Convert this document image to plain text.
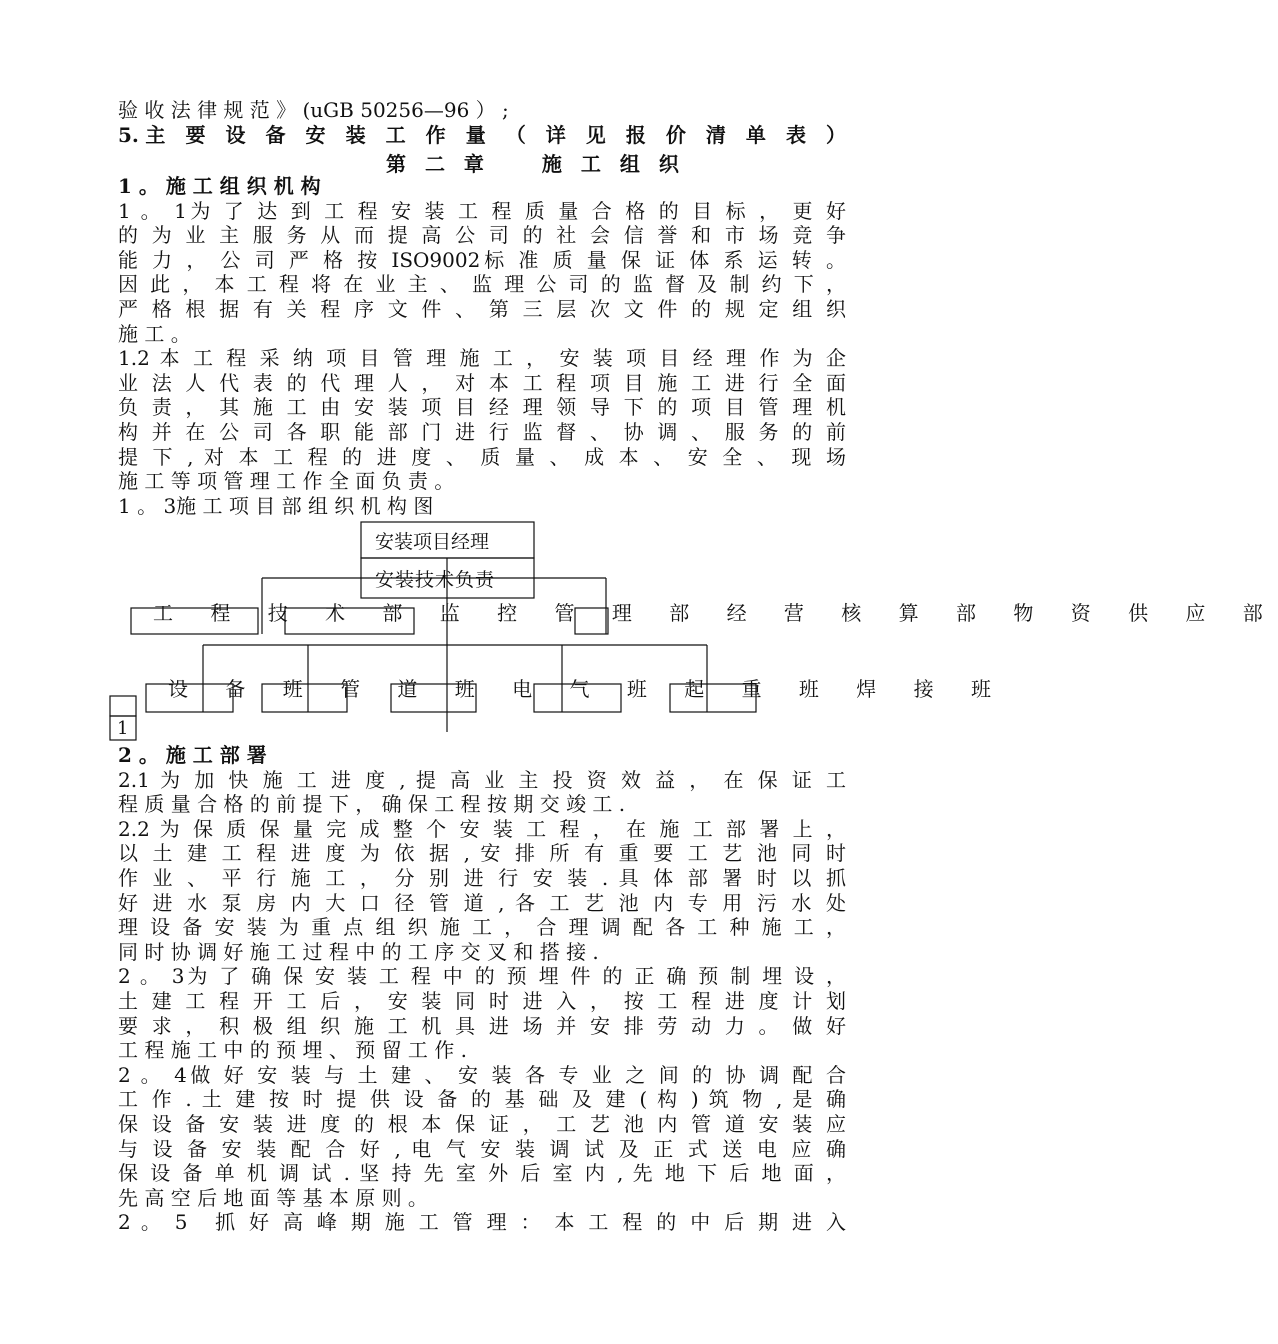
验 收 法 律 规 范 》 (uGB 50256—96 ） ;
5.主 要 设 备 安 装 工 作 量 （ 详 见 报 价 清 单 表 ）
第 二 章　　施 工 组 织
1 。 施 工 组 织 机 构
1 。 1为 了 达 到 工 程 安 装 工 程 质 量 合 格 的 目 标 ， 更 好
的 为 业 主 服 务 从 而 提 高 公 司 的 社 会 信 誉 和 市 场 竞 争
能 力 ， 公 司 严 格 按 ISO9002标 准 质 量 保 证 体 系 运 转 。
因 此 ， 本 工 程 将 在 业 主 、 监 理 公 司 的 监 督 及 制 约 下 ，
严 格 根 据 有 关 程 序 文 件 、 第 三 层 次 文 件 的 规 定 组 织
施 工 。
1.2 本 工 程 采 纳 项 目 管 理 施 工 ， 安 装 项 目 经 理 作 为 企
业 法 人 代 表 的 代 理 人 ， 对 本 工 程 项 目 施 工 进 行 全 面
负 责 ， 其 施 工 由 安 装 项 目 经 理 领 导 下 的 项 目 管 理 机
构 并 在 公 司 各 职 能 部 门 进 行 监 督 、 协 调 、 服 务 的 前
提 下 , 对 本 工 程 的 进 度 、 质 量 、 成 本 、 安 全 、 现 场
施 工 等 项 管 理 工 作 全 面 负 责 。
1 。 3施 工 项 目 部 组 织 机 构 图
安装项目经理
安装技术负责
工 程 技 术 部 监 控 管 理 部 经 营 核 算 部 物 资 供 应 部
设 备 班 管 道 班 电 气 班 起 重 班 焊 接 班
1
2 。 施 工 部 署
2.1 为 加 快 施 工 进 度 , 提 高 业 主 投 资 效 益 ， 在 保 证 工
程 质 量 合 格 的 前 提 下 ， 确 保 工 程 按 期 交 竣 工 .
2.2 为 保 质 保 量 完 成 整 个 安 装 工 程 ， 在 施 工 部 署 上 ，
以 土 建 工 程 进 度 为 依 据 , 安 排 所 有 重 要 工 艺 池 同 时
作 业 、 平 行 施 工 ， 分 别 进 行 安 装 . 具 体 部 署 时 以 抓
好 进 水 泵 房 内 大 口 径 管 道 , 各 工 艺 池 内 专 用 污 水 处
理 设 备 安 装 为 重 点 组 织 施 工 ， 合 理 调 配 各 工 种 施 工 ，
同 时 协 调 好 施 工 过 程 中 的 工 序 交 叉 和 搭 接 .
2 。 3为 了 确 保 安 装 工 程 中 的 预 埋 件 的 正 确 预 制 埋 设 ，
土 建 工 程 开 工 后 ， 安 装 同 时 进 入 ， 按 工 程 进 度 计 划
要 求 ， 积 极 组 织 施 工 机 具 进 场 并 安 排 劳 动 力 。 做 好
工 程 施 工 中 的 预 埋 、 预 留 工 作 .
2 。 4做 好 安 装 与 土 建 、 安 装 各 专 业 之 间 的 协 调 配 合
工 作 . 土 建 按 时 提 供 设 备 的 基 础 及 建 ( 构 ) 筑 物 , 是 确
保 设 备 安 装 进 度 的 根 本 保 证 ， 工 艺 池 内 管 道 安 装 应
与 设 备 安 装 配 合 好 , 电 气 安 装 调 试 及 正 式 送 电 应 确
保 设 备 单 机 调 试 . 坚 持 先 室 外 后 室 内 , 先 地 下 后 地 面 ，
先 高 空 后 地 面 等 基 本 原 则 。
2 。 5　抓 好 高 峰 期 施 工 管 理 ： 本 工 程 的 中 后 期 进 入
